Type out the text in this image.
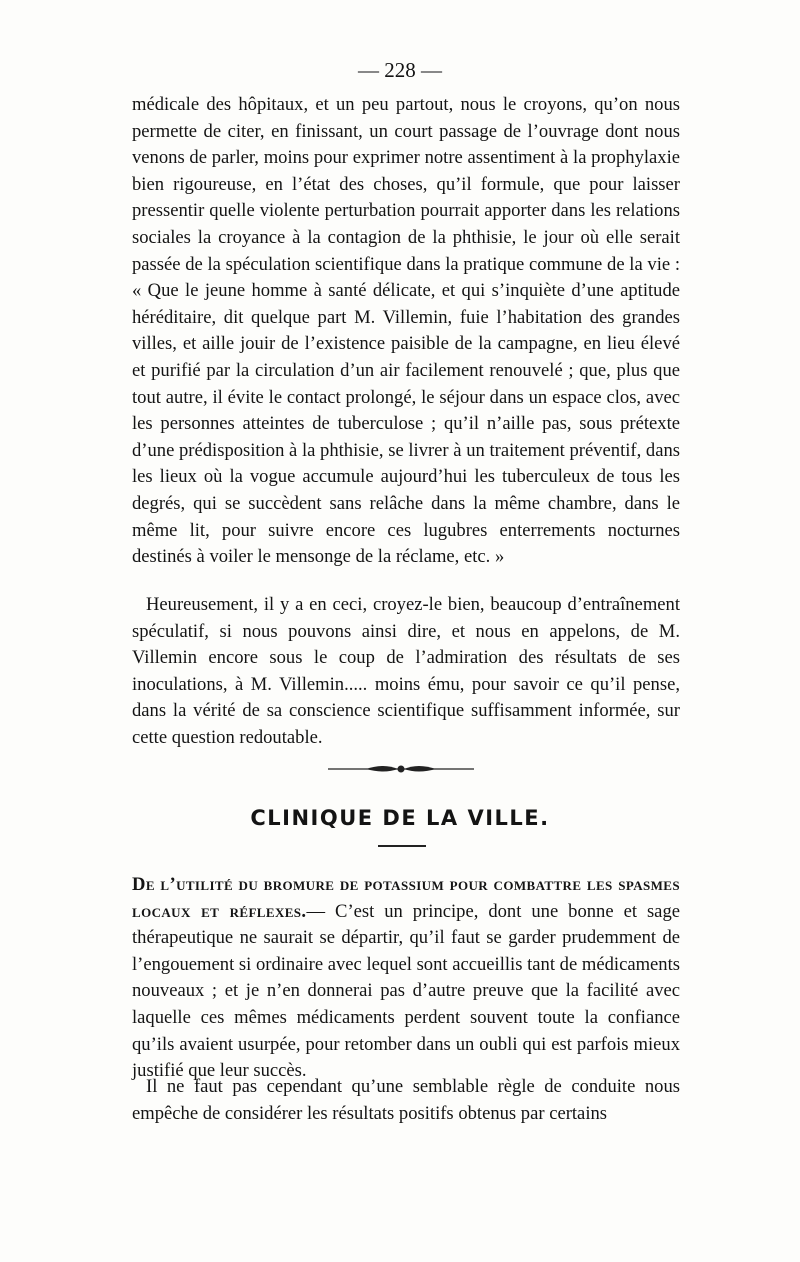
— 228 —

médicale des hôpitaux, et un peu partout, nous le croyons, qu’on nous permette de citer, en finissant, un court passage de l’ouvrage dont nous venons de parler, moins pour exprimer notre assentiment à la prophylaxie bien rigoureuse, en l’état des choses, qu’il formule, que pour laisser pressentir quelle violente perturbation pourrait apporter dans les relations sociales la croyance à la contagion de la phthisie, le jour où elle serait passée de la spéculation scientifique dans la pratique commune de la vie : « Que le jeune homme à santé délicate, et qui s’inquiète d’une aptitude héréditaire, dit quelque part M. Villemin, fuie l’habitation des grandes villes, et aille jouir de l’existence paisible de la campagne, en lieu élevé et purifié par la circulation d’un air facilement renouvelé ; que, plus que tout autre, il évite le contact prolongé, le séjour dans un espace clos, avec les personnes atteintes de tuberculose ; qu’il n’aille pas, sous prétexte d’une prédisposition à la phthisie, se livrer à un traitement préventif, dans les lieux où la vogue accumule aujourd’hui les tuberculeux de tous les degrés, qui se succèdent sans relâche dans la même chambre, dans le même lit, pour suivre encore ces lugubres enterrements nocturnes destinés à voiler le mensonge de la réclame, etc. »

Heureusement, il y a en ceci, croyez-le bien, beaucoup d’entraînement spéculatif, si nous pouvons ainsi dire, et nous en appelons, de M. Villemin encore sous le coup de l’admiration des résultats de ses inoculations, à M. Villemin..... moins ému, pour savoir ce qu’il pense, dans la vérité de sa conscience scientifique suffisamment informée, sur cette question redoutable.

CLINIQUE DE LA VILLE.

De l’utilité du bromure de potassium pour combattre les spasmes locaux et réflexes.— C’est un principe, dont une bonne et sage thérapeutique ne saurait se départir, qu’il faut se garder prudemment de l’engouement si ordinaire avec lequel sont accueillis tant de médicaments nouveaux ; et je n’en donnerai pas d’autre preuve que la facilité avec laquelle ces mêmes médicaments perdent souvent toute la confiance qu’ils avaient usurpée, pour retomber dans un oubli qui est parfois mieux justifié que leur succès.

Il ne faut pas cependant qu’une semblable règle de conduite nous empêche de considérer les résultats positifs obtenus par certains
